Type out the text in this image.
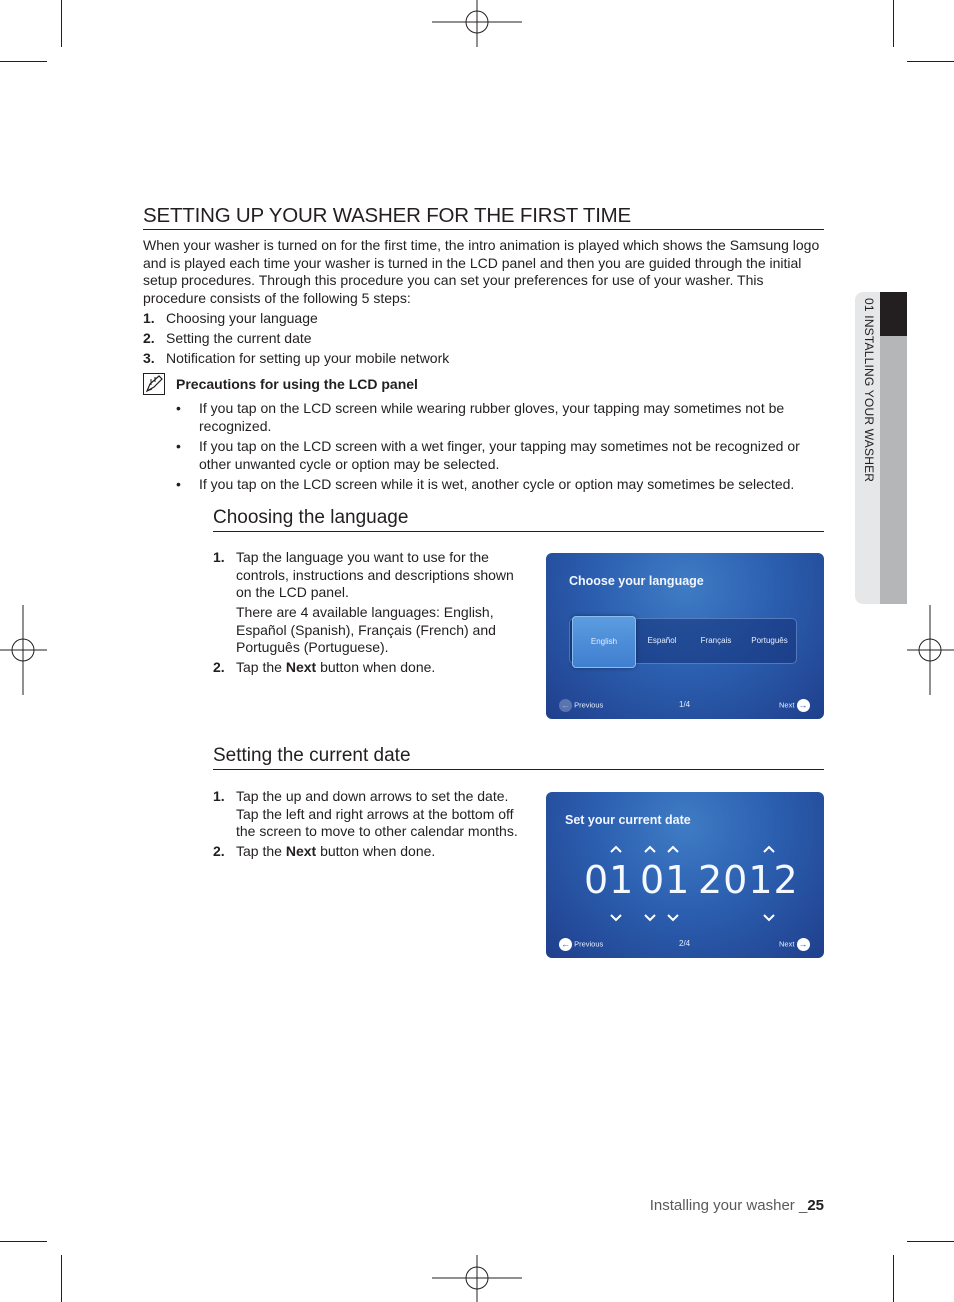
01 INSTALLING YOUR WASHER
SETTING UP YOUR WASHER FOR THE FIRST TIME
When your washer is turned on for the first time, the intro animation is played which shows the Samsung logo and is played each time your washer is turned in the LCD panel and then you are guided through the initial setup procedures. Through this procedure you can set your preferences for use of your washer. This procedure consists of the following 5 steps:
1. Choosing your language
2. Setting the current date
3. Notification for setting up your mobile network
Precautions for using the LCD panel
• If you tap on the LCD screen while wearing rubber gloves, your tapping may sometimes not be recognized.
• If you tap on the LCD screen with a wet finger, your tapping may sometimes not be recognized or other unwanted cycle or option may be selected.
• If you tap on the LCD screen while it is wet, another cycle or option may sometimes be selected.
Choosing the language
1. Tap the language you want to use for the controls, instructions and descriptions shown on the LCD panel.
There are 4 available languages: English, Español (Spanish), Français (French) and Português (Portuguese).
2. Tap the Next button when done.
Choose your language
English	Español	Français	Português
← Previous	1/4	Next →
Setting the current date
1. Tap the up and down arrows to set the date. Tap the left and right arrows at the bottom off the screen to move to other calendar months.
2. Tap the Next button when done.
Set your current date
01 01 2012
← Previous	2/4	Next →
Installing your washer _25
